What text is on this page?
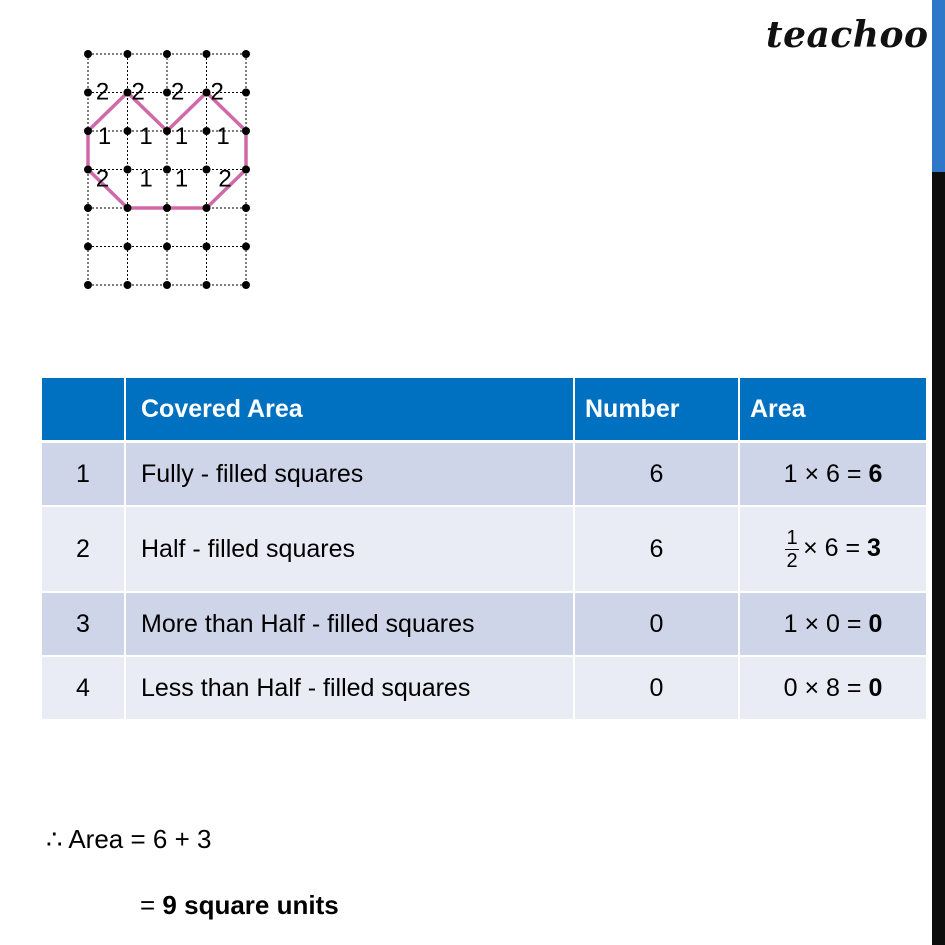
teachoo
2 2 2 2
1 1 1 1
2 1 1 2
	Covered Area	Number	Area
1	Fully - filled squares	6	1 × 6 = 6
2	Half - filled squares	6	$\frac{1}{2} \times 6 = 3$
3	More than Half - filled squares	0	1 × 0 = 0
4	Less than Half - filled squares	0	0 × 8 = 0
∴ Area = 6 + 3
= 9 square units
